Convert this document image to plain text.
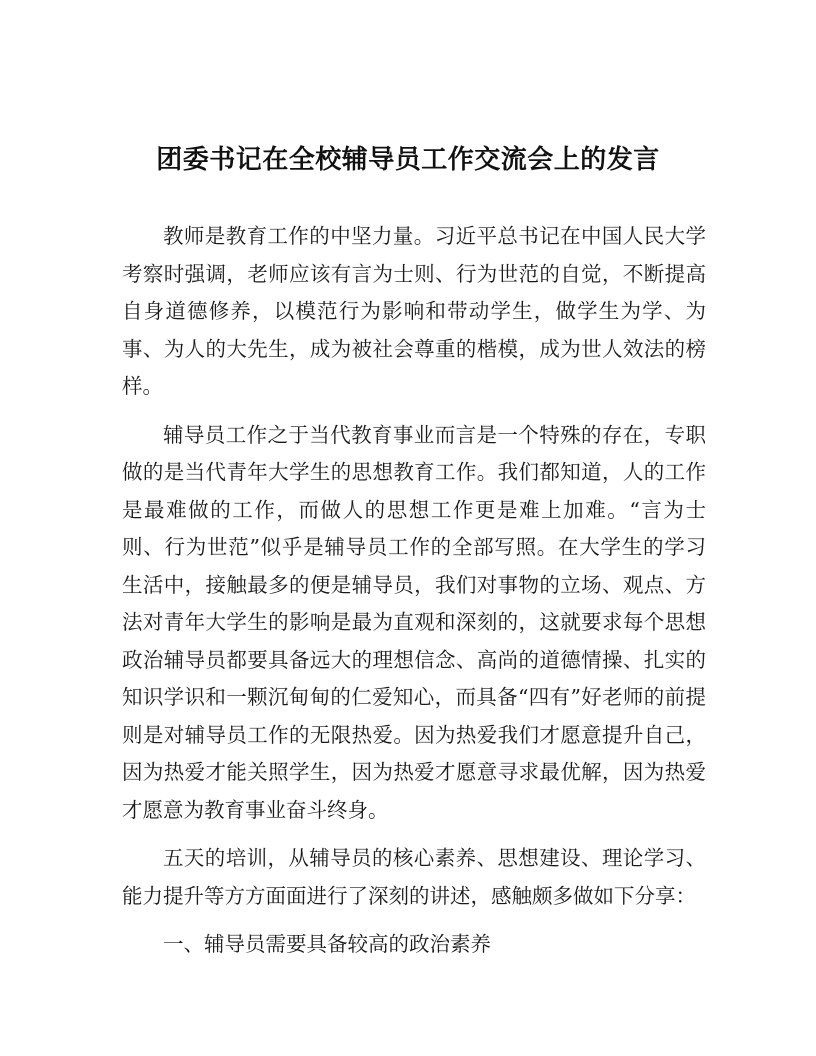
团委书记在全校辅导员工作交流会上的发言

教师是教育工作的中坚力量。习近平总书记在中国人民大学考察时强调，老师应该有言为士则、行为世范的自觉，不断提高自身道德修养，以模范行为影响和带动学生，做学生为学、为事、为人的大先生，成为被社会尊重的楷模，成为世人效法的榜样。

辅导员工作之于当代教育事业而言是一个特殊的存在，专职做的是当代青年大学生的思想教育工作。我们都知道，人的工作是最难做的工作，而做人的思想工作更是难上加难。“言为士则、行为世范”似乎是辅导员工作的全部写照。在大学生的学习生活中，接触最多的便是辅导员，我们对事物的立场、观点、方法对青年大学生的影响是最为直观和深刻的，这就要求每个思想政治辅导员都要具备远大的理想信念、高尚的道德情操、扎实的知识学识和一颗沉甸甸的仁爱知心，而具备“四有”好老师的前提则是对辅导员工作的无限热爱。因为热爱我们才愿意提升自己，因为热爱才能关照学生，因为热爱才愿意寻求最优解，因为热爱才愿意为教育事业奋斗终身。

五天的培训，从辅导员的核心素养、思想建设、理论学习、能力提升等方方面面进行了深刻的讲述，感触颇多做如下分享：

一、辅导员需要具备较高的政治素养
